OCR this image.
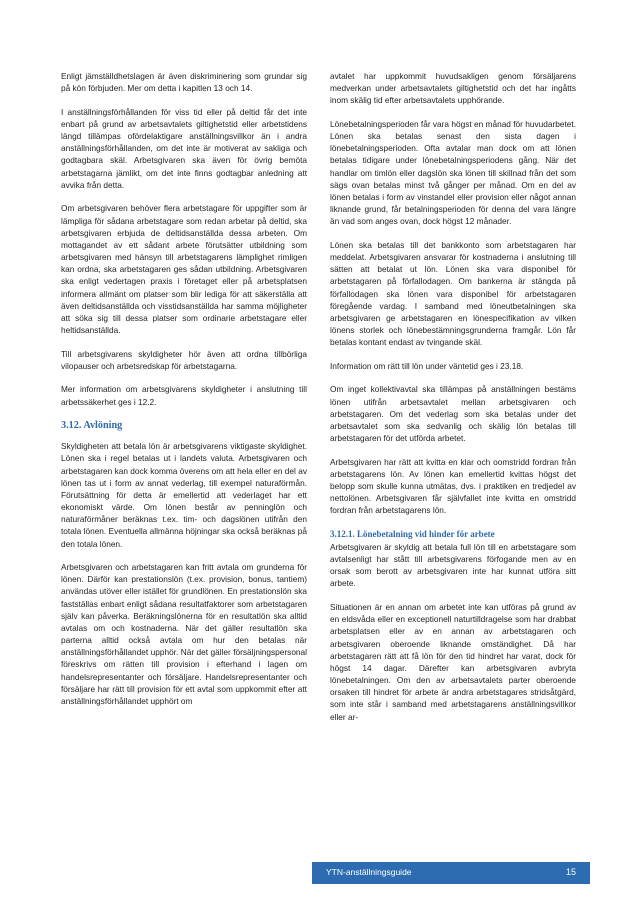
Enligt jämställdhetslagen är även diskriminering som grundar sig på kön förbjuden. Mer om detta i kapitlen 13 och 14.

I anställningsförhållanden för viss tid eller på deltid får det inte enbart på grund av arbetsavtalets giltighetstid eller arbetstidens längd tillämpas ofördelaktigare anställningsvillkor än i andra anställningsförhållanden, om det inte är motiverat av sakliga och godtagbara skäl. Arbetsgivaren ska även för övrig bemöta arbetstagarna jämlikt, om det inte finns godtagbar anledning att avvika från detta.

Om arbetsgivaren behöver flera arbetstagare för uppgifter som är lämpliga för sådana arbetstagare som redan arbetar på deltid, ska arbetsgivaren erbjuda de deltidsanställda dessa arbeten. Om mottagandet av ett sådant arbete förutsätter utbildning som arbetsgivaren med hänsyn till arbetstagarens lämplighet rimligen kan ordna, ska arbetstagaren ges sådan utbildning. Arbetsgivaren ska enligt vedertagen praxis i företaget eller på arbetsplatsen informera allmänt om platser som blir lediga för att säkerställa att även deltidsanställda och visstidsanställda har samma möjligheter att söka sig till dessa platser som ordinarie arbetstagare eller heltidsanställda.

Till arbetsgivarens skyldigheter hör även att ordna tillbörliga vilopauser och arbetsredskap för arbetstagarna.

Mer information om arbetsgivarens skyldigheter i anslutning till arbetssäkerhet ges i 12.2.

3.12. Avlöning

Skyldigheten att betala lön är arbetsgivarens viktigaste skyldighet. Lönen ska i regel betalas ut i landets valuta. Arbetsgivaren och arbetstagaren kan dock komma överens om att hela eller en del av lönen tas ut i form av annat vederlag, till exempel naturaförmån. Förutsättning för detta är emellertid att vederlaget har ett ekonomiskt värde. Om lönen består av penninglön och naturaförmåner beräknas t.ex. tim- och dagslönen utifrån den totala lönen. Eventuella allmänna höjningar ska också beräknas på den totala lönen.

Arbetsgivaren och arbetstagaren kan fritt avtala om grunderna för lönen. Därför kan prestationslön (t.ex. provision, bonus, tantiem) användas utöver eller istället för grundlönen. En prestationslön ska fastställas enbart enligt sådana resultatfaktorer som arbetstagaren själv kan påverka. Beräkningslönerna för en resultatlön ska alltid avtalas om och kostnaderna. När det gäller resultatlön ska parterna alltid också avtala om hur den betalas när anställningsförhållandet upphör. När det gäller försäljningspersonal föreskrivs om rätten till provision i efterhand i lagen om handelsrepresentanter och försäljare. Handelsrepresentanter och försäljare har rätt till provision för ett avtal som uppkommit efter att anställningsförhållandet upphört om

avtalet har uppkommit huvudsakligen genom försäljarens medverkan under arbetsavtalets giltighetstid och det har ingåtts inom skälig tid efter arbetsavtalets upphörande.

Lönebetalningsperioden får vara högst en månad för huvudarbetet. Lönen ska betalas senast den sista dagen i lönebetalningsperioden. Ofta avtalar man dock om att lönen betalas tidigare under lönebetalningsperiodens gång. När det handlar om timlön eller dagslön ska lönen till skillnad från det som sägs ovan betalas minst två gånger per månad. Om en del av lönen betalas i form av vinstandel eller provision eller något annan liknande grund, får betalningsperioden för denna del vara längre än vad som anges ovan, dock högst 12 månader.

Lönen ska betalas till det bankkonto som arbetstagaren har meddelat. Arbetsgivaren ansvarar för kostnaderna i anslutning till sätten att betalat ut lön. Lönen ska vara disponibel för arbetstagaren på förfallodagen. Om bankerna är stängda på förfallodagen ska lönen vara disponibel för arbetstagaren föregående vardag. I samband med löneutbetalningen ska arbetsgivaren ge arbetstagaren en lönespecifikation av vilken lönens storlek och lönebestämningsgrunderna framgår. Lön får betalas kontant endast av tvingande skäl.

Information om rätt till lön under väntetid ges i 23.18.

Om inget kollektivavtal ska tillämpas på anställningen bestäms lönen utifrån arbetsavtalet mellan arbetsgivaren och arbetstagaren. Om det vederlag som ska betalas under det arbetsavtalet som ska sedvanlig och skälig lön betalas till arbetstagaren för det utförda arbetet.

Arbetsgivaren har rätt att kvitta en klar och oomstridd fordran från arbetstagarens lön. Av lönen kan emellertid kvittas högst det belopp som skulle kunna utmätas, dvs. i praktiken en tredjedel av nettolönen. Arbetsgivaren får självfallet inte kvitta en omstridd fordran från arbetstagarens lön.

3.12.1. Lönebetalning vid hinder för arbete

Arbetsgivaren är skyldig att betala full lön till en arbetstagare som avtalsenligt har stått till arbetsgivarens förfogande men av en orsak som berott av arbetsgivaren inte har kunnat utföra sitt arbete.

Situationen är en annan om arbetet inte kan utföras på grund av en eldsvåda eller en exceptionell naturtilldragelse som har drabbat arbetsplatsen eller av en annan av arbetstagaren och arbetsgivaren oberoende liknande omständighet. Då har arbetstagaren rätt att få lön för den tid hindret har varat, dock för högst 14 dagar. Därefter kan arbetsgivaren avbryta lönebetalningen. Om den av arbetsavtalets parter oberoende orsaken till hindret för arbete är andra arbetstagares stridsåtgärd, som inte står i samband med arbetstagarens anställningsvillkor eller ar-

YTN-anställningsguide	15
